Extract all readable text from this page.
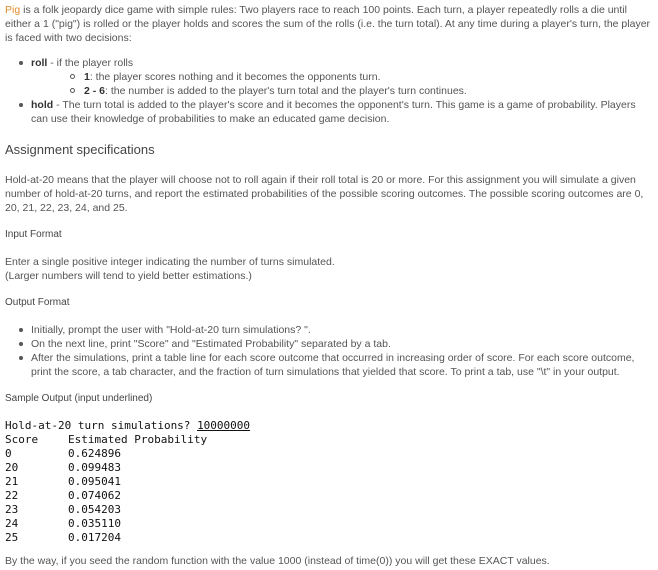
Pig is a folk jeopardy dice game with simple rules: Two players race to reach 100 points. Each turn, a player repeatedly rolls a die until either a 1 ("pig") is rolled or the player holds and scores the sum of the rolls (i.e. the turn total). At any time during a player's turn, the player is faced with two decisions:

roll - if the player rolls
1: the player scores nothing and it becomes the opponents turn.
2 - 6: the number is added to the player's turn total and the player's turn continues.
hold - The turn total is added to the player's score and it becomes the opponent's turn. This game is a game of probability. Players can use their knowledge of probabilities to make an educated game decision.
Assignment specifications

Hold-at-20 means that the player will choose not to roll again if their roll total is 20 or more. For this assignment you will simulate a given number of hold-at-20 turns, and report the estimated probabilities of the possible scoring outcomes. The possible scoring outcomes are 0, 20, 21, 22, 23, 24, and 25.

Input Format

Enter a single positive integer indicating the number of turns simulated.
(Larger numbers will tend to yield better estimations.)

Output Format
Initially, prompt the user with "Hold-at-20 turn simulations? ".
On the next line, print "Score" and "Estimated Probability" separated by a tab.
After the simulations, print a table line for each score outcome that occurred in increasing order of score. For each score outcome, print the score, a tab character, and the fraction of turn simulations that yielded that score. To print a tab, use "\t" in your output.
Sample Output (input underlined)
Hold-at-20 turn simulations? 10000000
Score	Estimated Probability
0	0.624896
20	0.099483
21	0.095041
22	0.074062
23	0.054203
24	0.035110
25	0.017204

By the way, if you seed the random function with the value 1000 (instead of time(0)) you will get these EXACT values.
